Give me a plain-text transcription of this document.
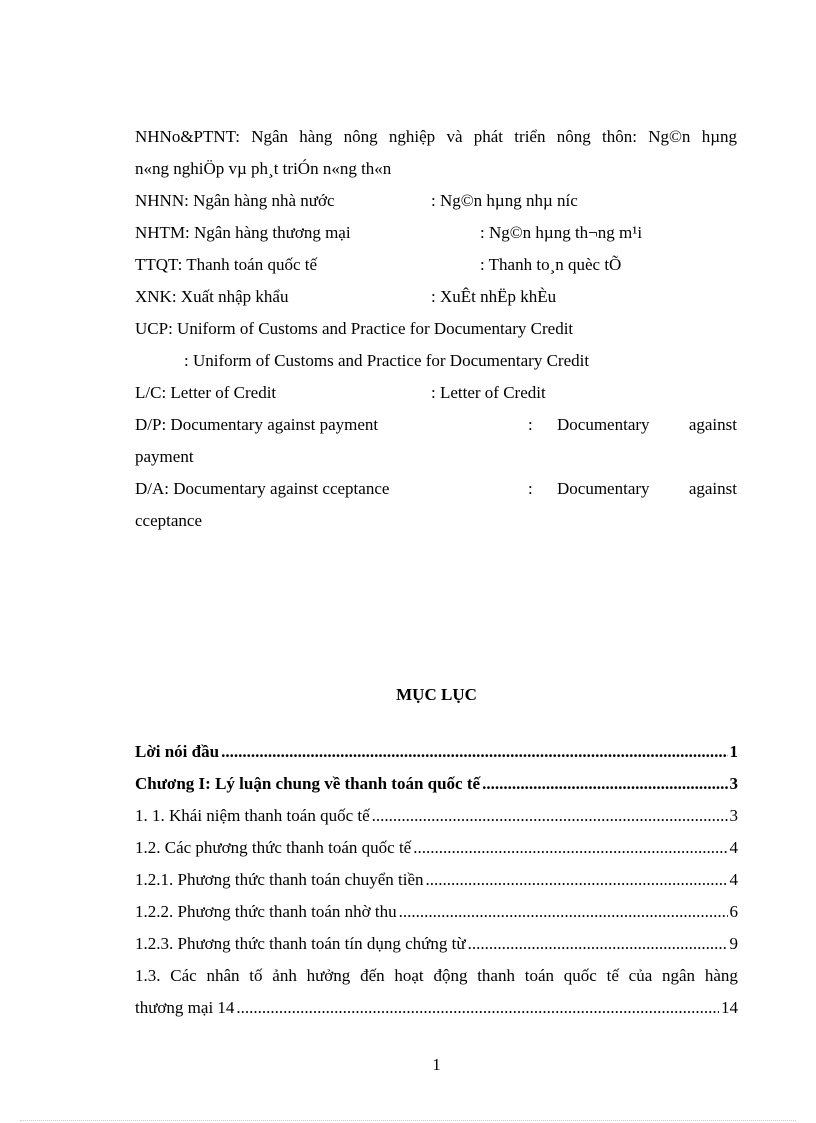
NHNo&PTNT: Ngân hàng nông nghiệp và phát triển nông thôn: Ng©n hµng
n«ng nghiÖp vµ ph¸t triÓn n«ng th«n
NHNN: Ngân hàng nhà nước	: Ng©n hµng nhµ níc
NHTM: Ngân hàng thương mại	: Ng©n hµng th¬ng m¹i
TTQT: Thanh toán quốc tế	: Thanh to¸n quèc tÕ
XNK: Xuất nhập khẩu	: XuÊt nhËp khÈu
UCP: Uniform of Customs and Practice for Documentary Credit
: Uniform of Customs and Practice for Documentary Credit
L/C: Letter of Credit	: Letter of Credit
D/P: Documentary against payment	: Documentary against
payment
D/A: Documentary against cceptance	: Documentary against
cceptance
MỤC LỤC
Lời nói đầu .....	1
Chương I: Lý luận chung về thanh toán quốc tế .....	3
1. 1. Khái niệm thanh toán quốc tế .....	3
1.2. Các phương thức thanh toán quốc tế .....	4
1.2.1. Phương thức thanh toán chuyển tiền .....	4
1.2.2. Phương thức thanh toán nhờ thu .....	6
1.2.3. Phương thức thanh toán tín dụng chứng từ .....	9
1.3. Các nhân tố ảnh hưởng đến hoạt động thanh toán quốc tế của ngân hàng
thương mại 14 .....	14
1
